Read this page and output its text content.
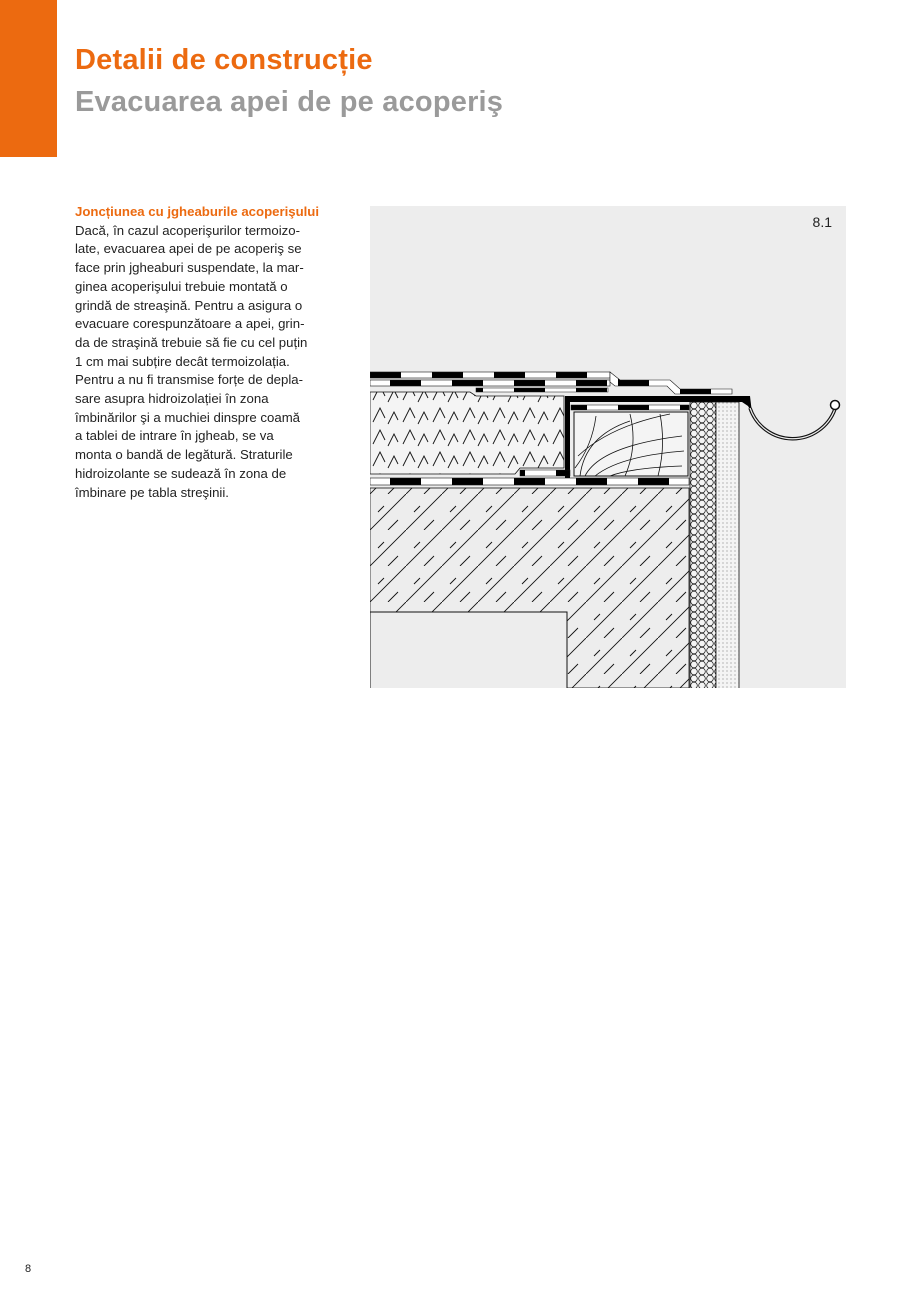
Detalii de construcție
Evacuarea apei de pe acoperiş
Joncțiunea cu jgheaburile acoperişului

Dacă, în cazul acoperişurilor termoizo-
late, evacuarea apei de pe acoperiş se
face prin jgheaburi suspendate, la mar-
ginea acoperişului trebuie montată o
grindă de streaşină. Pentru a asigura o
evacuare corespunzătoare a apei, grin-
da de straşină trebuie să fie cu cel puțin
1 cm mai subțire decât termoizolația.
Pentru a nu fi transmise forțe de depla-
sare asupra hidroizolației în zona
îmbinărilor şi a muchiei dinspre coamă
a tablei de intrare în jgheab, se va
monta o bandă de legătură. Straturile
hidroizolante se sudează în zona de
îmbinare pe tabla streşinii.

8.1
8
